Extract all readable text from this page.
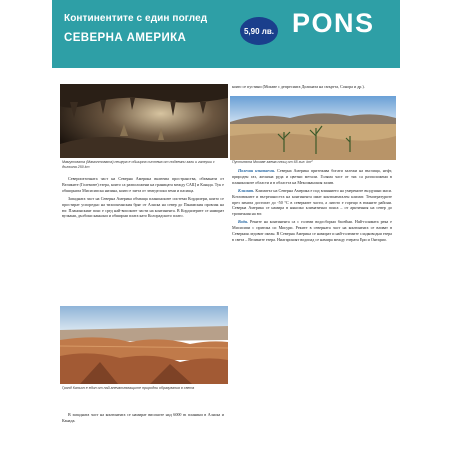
Континентите с един поглед
СЕВЕРНА АМЕРИКА
5,90 лв. PONS
Мамутовата (Мамонтовата) пещера е обширна система от подземни зали и галерии с дължина 250 km
която се пустини (Мохаве с депресията Долината на смъртта, Сонора и др.).
Пустинята Мохаве заема площ от 65 хил. km²

Североизточната част на Северна Америка включва пространства, обхванати от Великите (Големите) езера, които са разположени на границата между САЩ и Канада. Тук е обширната Мисисипска низина, която е заета от земеделски земи и пасища.

Западната част на Северна Америка обхваща планинските системи Кордилери, които се простират успоредно на тихоокеанския бряг от Аляска на север до Панамския провлак на юг. Планинският пояс е сред най-високите части на континента. В Кордилерите се намират вулкани, дълбоки каньони и обширни плата като Колорадското плато.

Гранд Каньон е един от най-впечатляващите природни образувания в света

В западната част на континента се намират високите над 6000 m планини в Аляска и Канада.

Полезни изкопаеми. Северна Америка притежава богати залежи на въглища, нефт, природен газ, желязна руда и цветни метали. Голяма част от тях са разположени в планинските области и в областта на Мексиканския залив.

Климат. Климатът на Северна Америка е под влиянието на умерените въздушни маси. Котловините и вътрешността на континента имат континентален климат. Температурите през зимата достигат до -50 °C в северните части, а лятото е горещо в южните райони. Северна Америка се намира в няколко климатични пояса – от арктичния на север до тропичния на юг.

Води. Реките на континента са с големи водосборни басейни. Най-голямата река е Мисисипи с притока си Мисури. Реките в северната част на континента се вливат в Северния ледовит океан. В Северна Америка се намират и най-големите сладководни езера в света – Великите езера. Ниагарският водопад се намира между езерата Ери и Онтарио.
